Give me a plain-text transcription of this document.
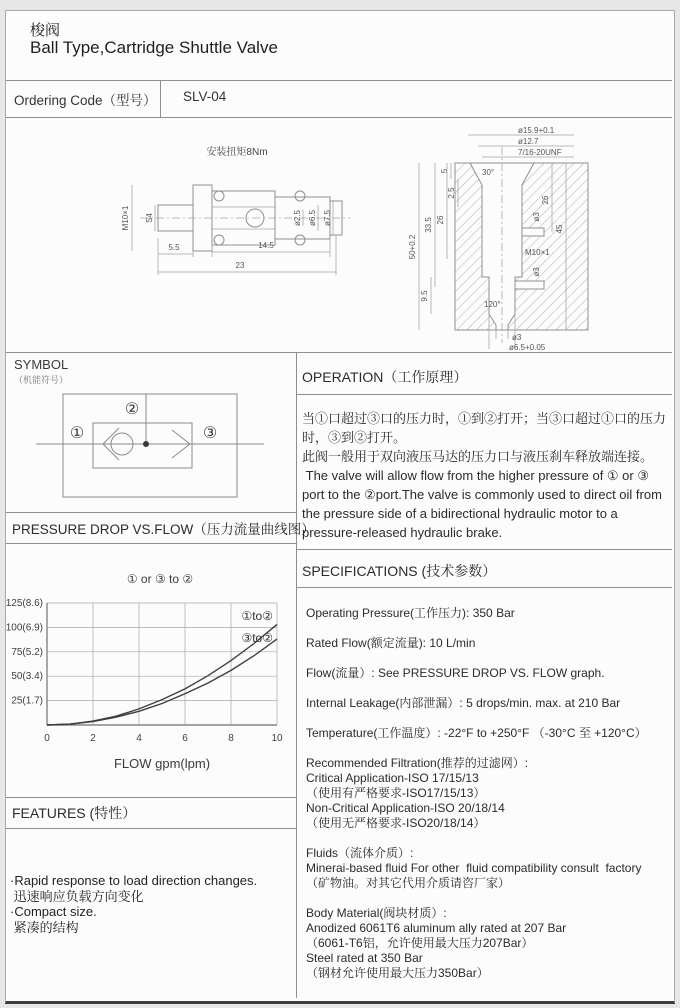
梭阀
Ball Type,Cartridge Shuttle Valve
Ordering Code（型号） SLV-04
安装扭矩8Nm
M10×1 S4	ø2.5 ø6.5 ø7.5
5.5	14.5
23
ø15.9+0.1
ø12.7
7/16-20UNF
30°
5
2.5
26
33.5
50+0.2
9.5
26
45
ø3
ø3
M10×1
120°
ø3
ø6.5+0.05
SYMBOL
（机能符号）
①
②
③
PRESSURE DROP VS.FLOW（压力流量曲线图）
0	2	4	6	8	10
125(8.6)
100(6.9)
75(5.2)
50(3.4)
25(1.7)
①to②
③to②
① or ③ to ②
FLOW gpm(lpm)
FEATURES (特性）
·Rapid response to load direction changes.
迅速响应负载方向变化
·Compact size.
紧凑的结构
OPERATION（工作原理）

当①口超过③口的压力时，①到②打开；当③口超过①口的压力时，③到②打开。

此阀一般用于双向液压马达的压力口与液压刹车释放端连接。

The valve will allow flow from the higher pressure of ① or ③ port to the ②port.The valve is commonly used to direct oil from the pressure side of a bidirectional hydraulic motor to a pressure-released hydraulic brake.

SPECIFICATIONS (技术参数）
Operating Pressure(工作压力): 350 Bar
Rated Flow(额定流量): 10 L/min
Flow(流量）: See PRESSURE DROP VS. FLOW graph.
Internal Leakage(内部泄漏）: 5 drops/min. max. at 210 Bar
Temperature(工作温度）: -22°F to +250°F （-30°C 至 +120°C）
Recommended Filtration(推荐的过滤网）:
Critical Application-ISO 17/15/13
（使用有严格要求-ISO17/15/13）
Non-Critical Application-ISO 20/18/14
（使用无严格要求-ISO20/18/14）
Fluids（流体介质）:
Minerai-based fluid For other  fluid compatibility consult  factory
（矿物油。对其它代用介质请咨厂家）
Body Material(阀块材质）:
Anodized 6061T6 aluminum ally rated at 207 Bar
（6061-T6铝，允许使用最大压力207Bar）
Steel rated at 350 Bar
（钢材允许使用最大压力350Bar）
